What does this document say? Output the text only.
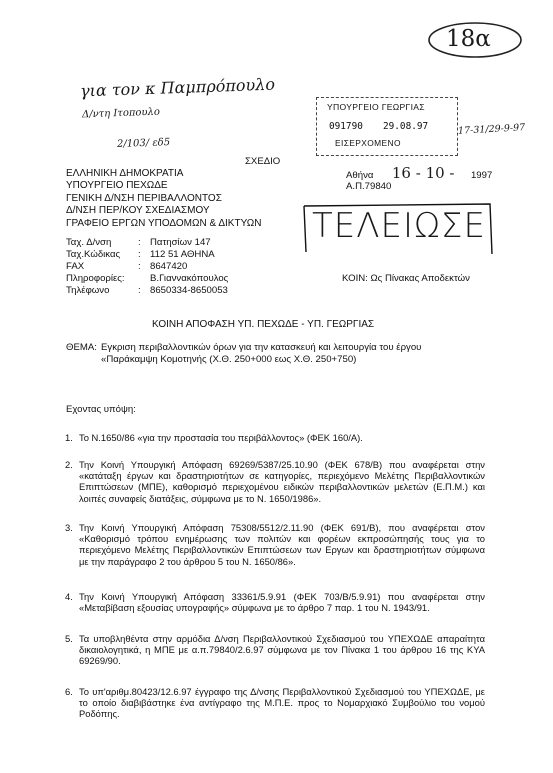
18α
για τον κ Παμπρόπουλο
Δ/ντη Ιτοπουλο
2/103/ εδ5
ΥΠΟΥΡΓΕΙΟ ΓΕΩΡΓΙΑΣ
091790 29.08.97
ΕΙΣΕΡΧΟΜΕΝΟ
17-31/29-9-97
ΣΧΕΔΙΟ
ΕΛΛΗΝΙΚΗ ΔΗΜΟΚΡΑΤΙΑ
ΥΠΟΥΡΓΕΙΟ ΠΕΧΩΔΕ
ΓΕΝΙΚΗ Δ/ΝΣΗ ΠΕΡΙΒΑΛΛΟΝΤΟΣ
Δ/ΝΣΗ ΠΕΡ/ΚΟΥ ΣΧΕΔΙΑΣΜΟΥ
ΓΡΑΦΕΙΟ ΕΡΓΩΝ ΥΠΟΔΟΜΩΝ & ΔΙΚΤΥΩΝ
Αθήνα 16 - 10 - 1997
Α.Π.79840
ΤΕΛΕΙΩΣΕ
Ταχ. Δ/νση	: Πατησίων 147
Ταχ.Κώδικας	: 112 51 ΑΘΗΝΑ
FAX	: 8647420
Πληροφορίες:	Β.Γιαννακόπουλος
Τηλέφωνο	: 8650334-8650053
ΚΟΙΝ: Ως Πίνακας Αποδεκτών
ΚΟΙΝΗ ΑΠΟΦΑΣΗ ΥΠ. ΠΕΧΩΔΕ - ΥΠ. ΓΕΩΡΓΙΑΣ
ΘΕΜΑ: Εγκριση περιβαλλοντικών όρων για την κατασκευή και λειτουργία του έργου
«Παράκαμψη Κομοτηνής (Χ.Θ. 250+000 εως Χ.Θ. 250+750)
Εχοντας υπόψη:
1. Το Ν.1650/86 «για την προστασία του περιβάλλοντος» (ΦΕΚ 160/Α).
2. Την Κοινή Υπουργική Απόφαση 69269/5387/25.10.90 (ΦΕΚ 678/Β) που αναφέρεται στην «κατάταξη έργων και δραστηριοτήτων σε κατηγορίες, περιεχόμενο Μελέτης Περιβαλλοντικών Επιπτώσεων (ΜΠΕ), καθορισμό περιεχομένου ειδικών περιβαλλοντικών μελετών (Ε.Π.Μ.) και λοιπές συναφείς διατάξεις, σύμφωνα με το Ν. 1650/1986».
3. Την Κοινή Υπουργική Απόφαση 75308/5512/2.11.90 (ΦΕΚ 691/Β), που αναφέρεται στον «Καθορισμό τρόπου ενημέρωσης των πολιτών και φορέων εκπροσώπησής τους για το περιεχόμενο Μελέτης Περιβαλλοντικών Επιπτώσεων των Εργων και δραστηριοτήτων σύμφωνα με την παράγραφο 2 του άρθρου 5 του Ν. 1650/86».
4. Την Κοινή Υπουργική Απόφαση 33361/5.9.91 (ΦΕΚ 703/Β/5.9.91) που αναφέρεται στην «Μεταβίβαση εξουσίας υπογραφής» σύμφωνα με το άρθρο 7 παρ. 1 του Ν. 1943/91.
5. Τα υποβληθέντα στην αρμόδια Δ/νση Περιβαλλοντικού Σχεδιασμού του ΥΠΕΧΩΔΕ απαραίτητα δικαιολογητικά, η ΜΠΕ με α.π.79840/2.6.97 σύμφωνα με τον Πίνακα 1 του άρθρου 16 της ΚΥΑ 69269/90.
6. Το υπ'αριθμ.80423/12.6.97 έγγραφο της Δ/νσης Περιβαλλοντικού Σχεδιασμού του ΥΠΕΧΩΔΕ, με το οποίο διαβιβάστηκε ένα αντίγραφο της Μ.Π.Ε. προς το Νομαρχιακό Συμβούλιο του νομού Ροδόπης.
